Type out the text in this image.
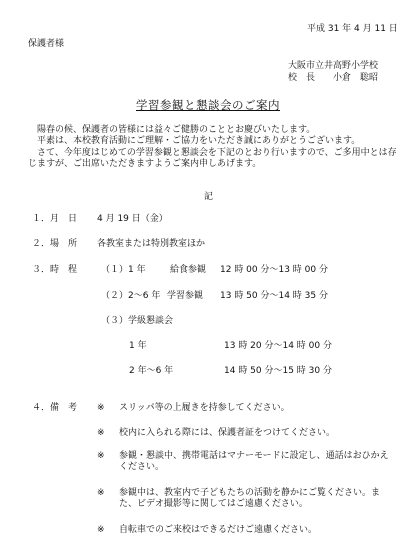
平成 31 年 4 月 11 日
保護者様
大阪市立井高野小学校
校　長　　小倉　聡昭
学習参観と懇談会のご案内
陽春の候、保護者の皆様には益々ご健勝のこととお慶びいたします。
平素は、本校教育活動にご理解・ご協力をいただき誠にありがとうございます。
さて、今年度はじめての学習参観と懇談会を下記のとおり行いますので、ご多用中とは存じますが、ご出席いただきますようご案内申しあげます。
記
１．月　日 4 月 19 日（金）
２．場　所 各教室または特別教室ほか
３．時　程	（１）1 年	給食参観 12 時 00 分～13 時 00 分
（２）2～6 年 学習参観 13 時 50 分～14 時 35 分
（３）学級懇談会
1 年	13 時 20 分～14 時 00 分
2 年～6 年	14 時 50 分～15 時 30 分
４．備　考 ※ スリッパ等の上履きを持参してください。
※ 校内に入られる際には、保護者証をつけてください。
※ 参観・懇談中、携帯電話はマナーモードに設定し、通話はおひかえください。
※ 参観中は、教室内で子どもたちの活動を静かにご覧ください。また、ビデオ撮影等に関してはご遠慮ください。
※ 自転車でのご来校はできるだけご遠慮ください。
